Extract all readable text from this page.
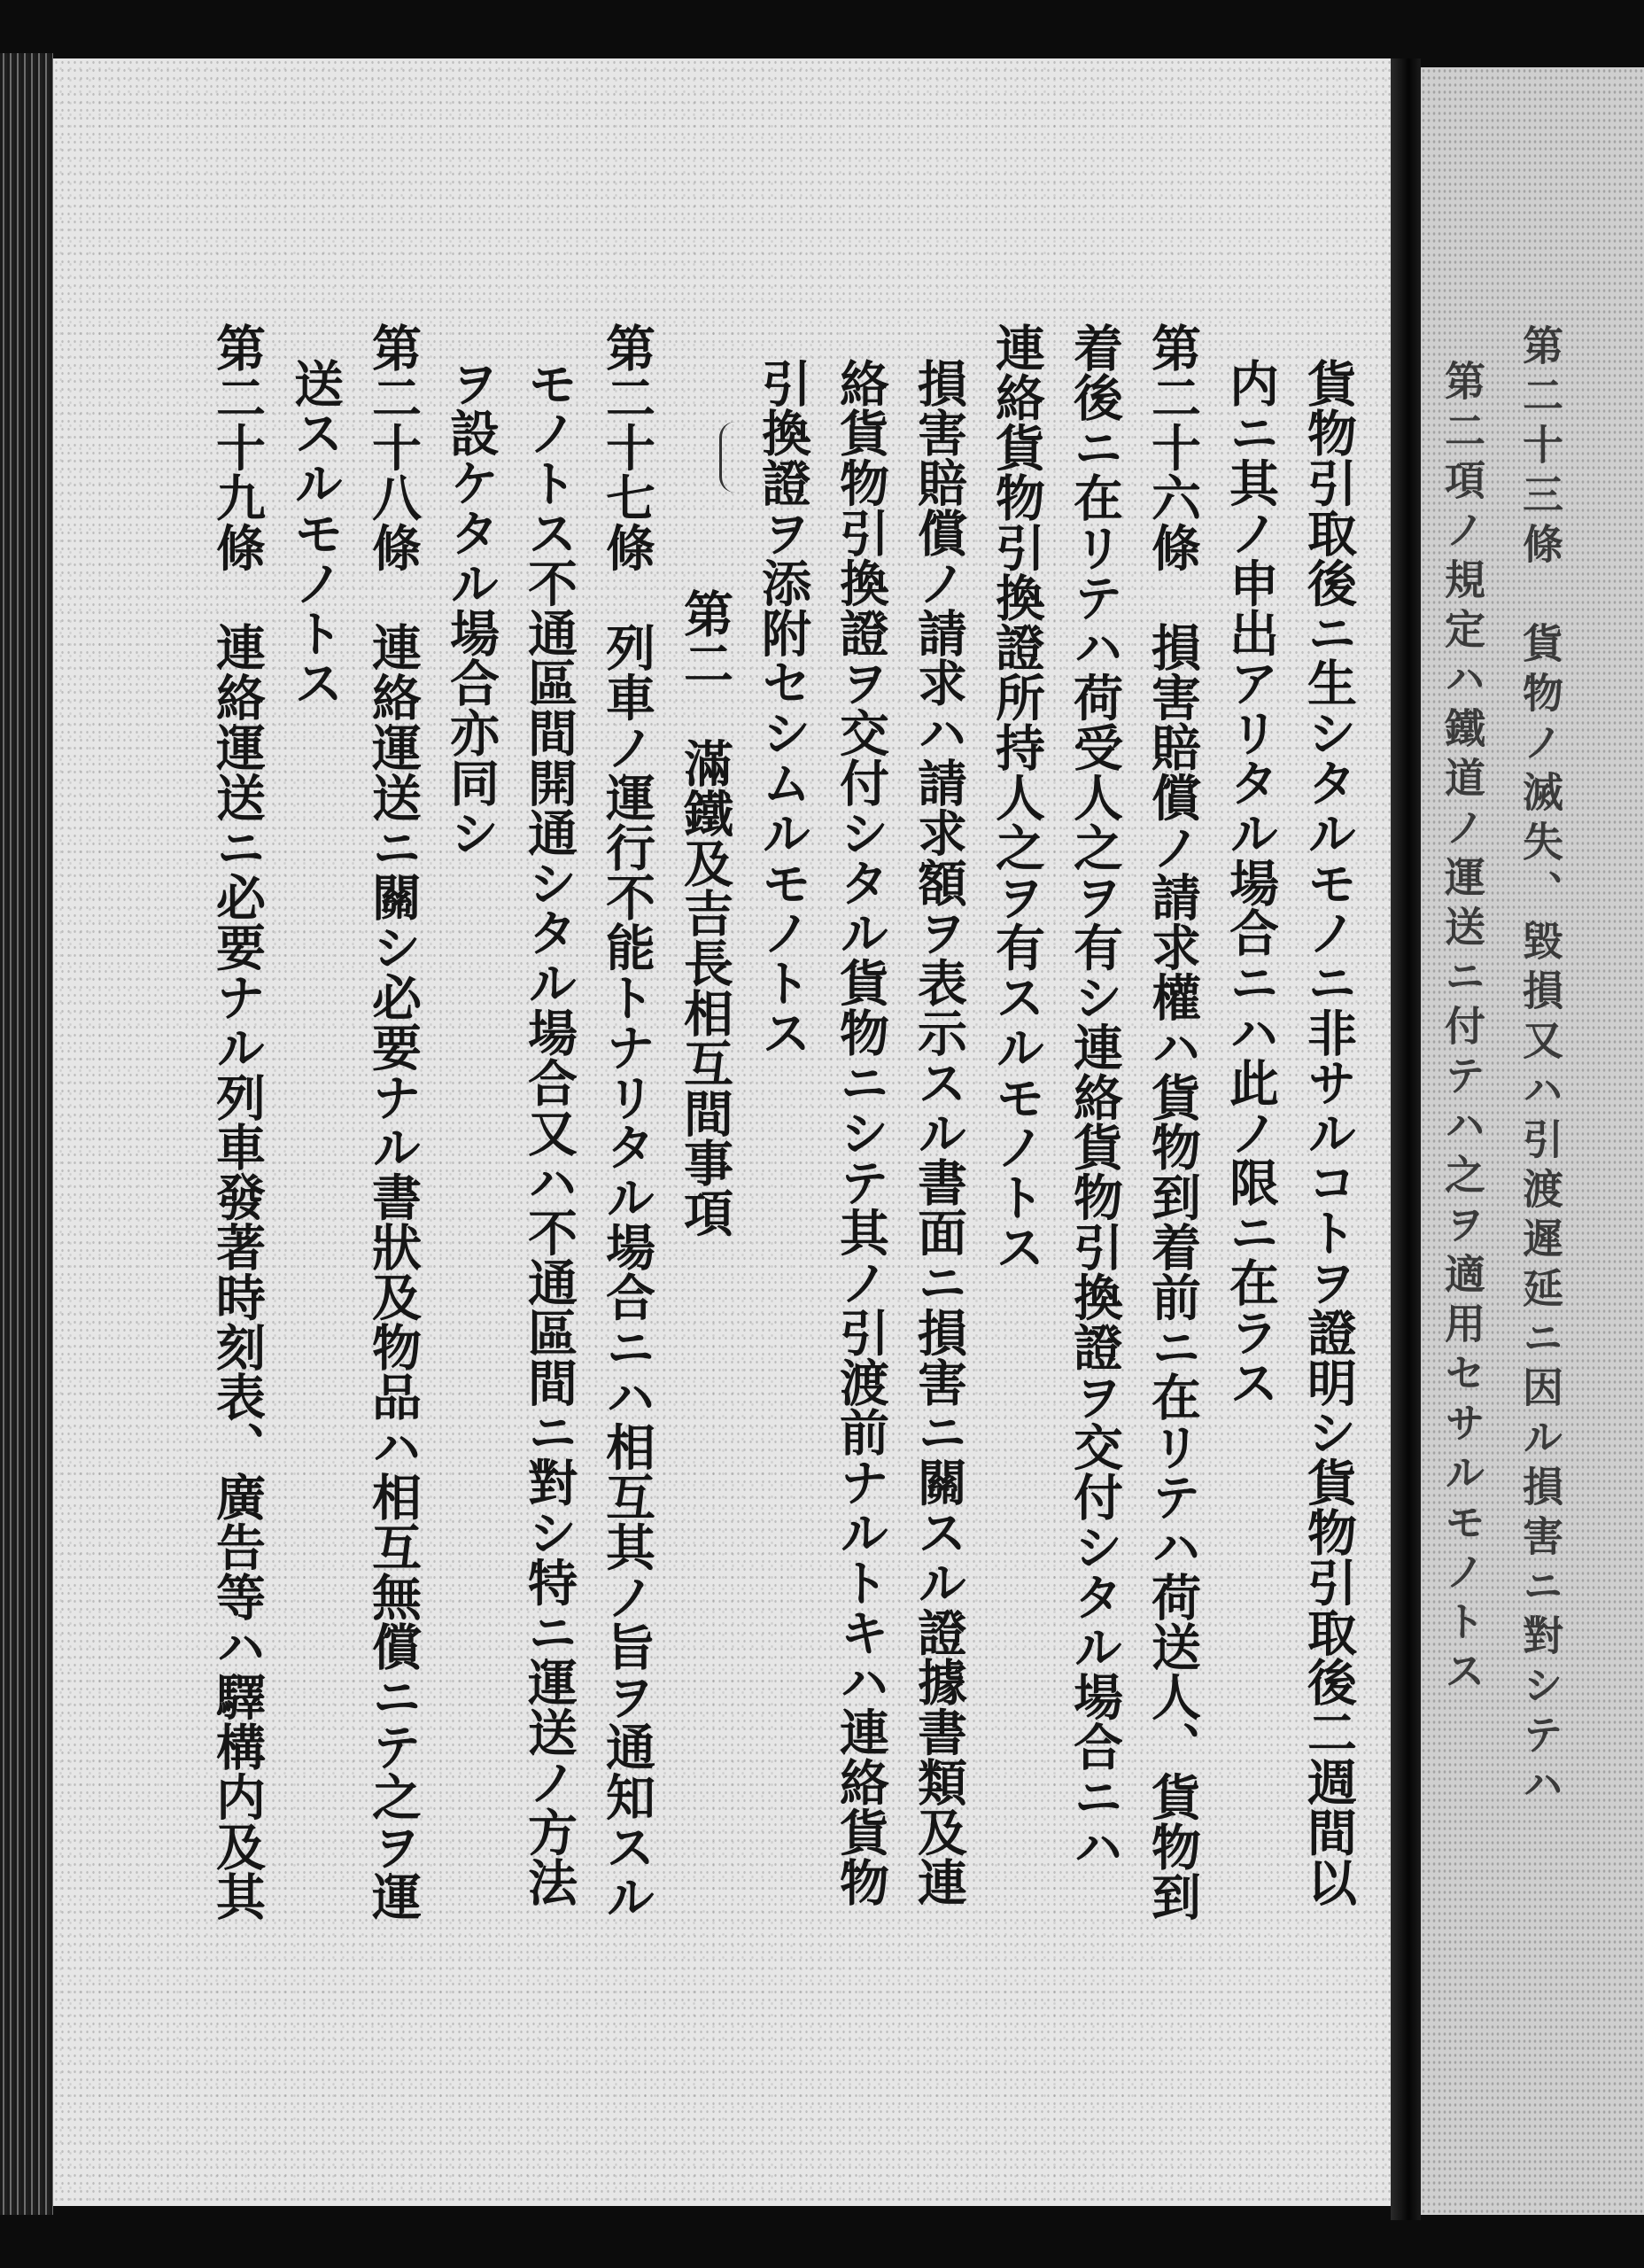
貨物引取後ニ生シタルモノニ非サルコトヲ證明シ貨物引取後二週間以
内ニ其ノ申出アリタル場合ニハ此ノ限ニ在ラス
第二十六條　損害賠償ノ請求權ハ貨物到着前ニ在リテハ荷送人、貨物到
着後ニ在リテハ荷受人之ヲ有シ連絡貨物引換證ヲ交付シタル場合ニハ
連絡貨物引換證所持人之ヲ有スルモノトス
損害賠償ノ請求ハ請求額ヲ表示スル書面ニ損害ニ關スル證據書類及連
絡貨物引換證ヲ交付シタル貨物ニシテ其ノ引渡前ナルトキハ連絡貨物
引換證ヲ添附セシムルモノトス
第二　滿鐵及吉長相互間事項
第二十七條　列車ノ運行不能トナリタル場合ニハ相互其ノ旨ヲ通知スル
モノトス不通區間開通シタル場合又ハ不通區間ニ對シ特ニ運送ノ方法
ヲ設ケタル場合亦同シ
第二十八條　連絡運送ニ關シ必要ナル書狀及物品ハ相互無償ニテ之ヲ運
送スルモノトス
第二十九條　連絡運送ニ必要ナル列車發著時刻表、廣告等ハ驛構内及其	第二十三條　貨物ノ滅失、毀損又ハ引渡遲延ニ因ル損害ニ對シテハ
第二項ノ規定ハ鐵道ノ運送ニ付テハ之ヲ適用セサルモノトス
